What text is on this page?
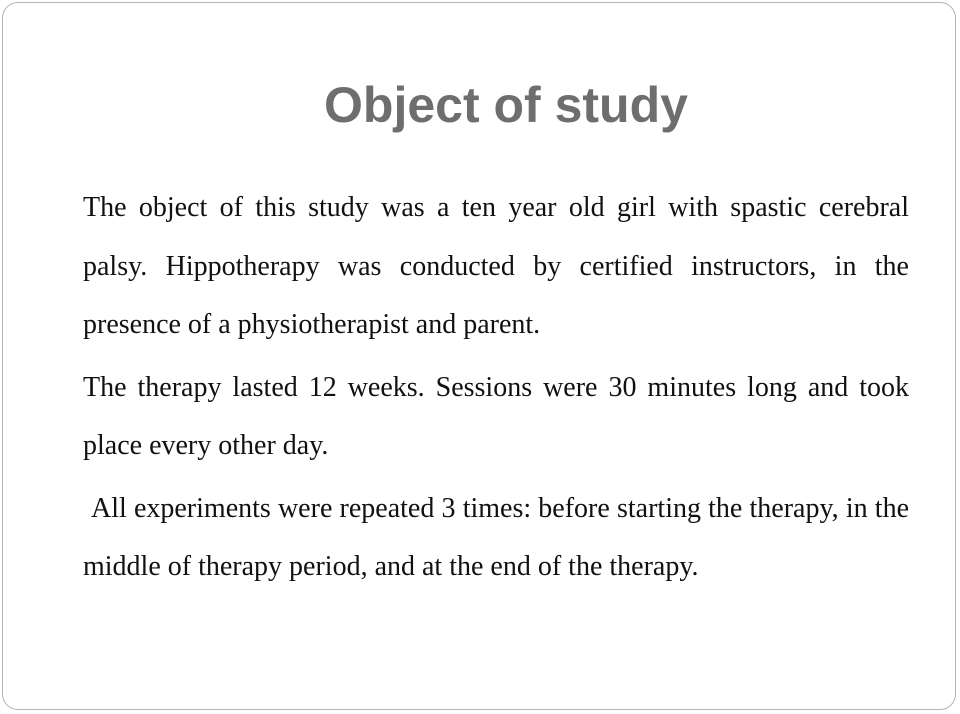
Object of study

The object of this study was a ten year old girl with spastic cerebral palsy. Hippotherapy was conducted by certified instructors, in the presence of a physiotherapist and parent.

The therapy lasted 12 weeks. Sessions were 30 minutes long and took place every other day.

All experiments were repeated 3 times: before starting the therapy, in the middle of therapy period, and at the end of the therapy.
